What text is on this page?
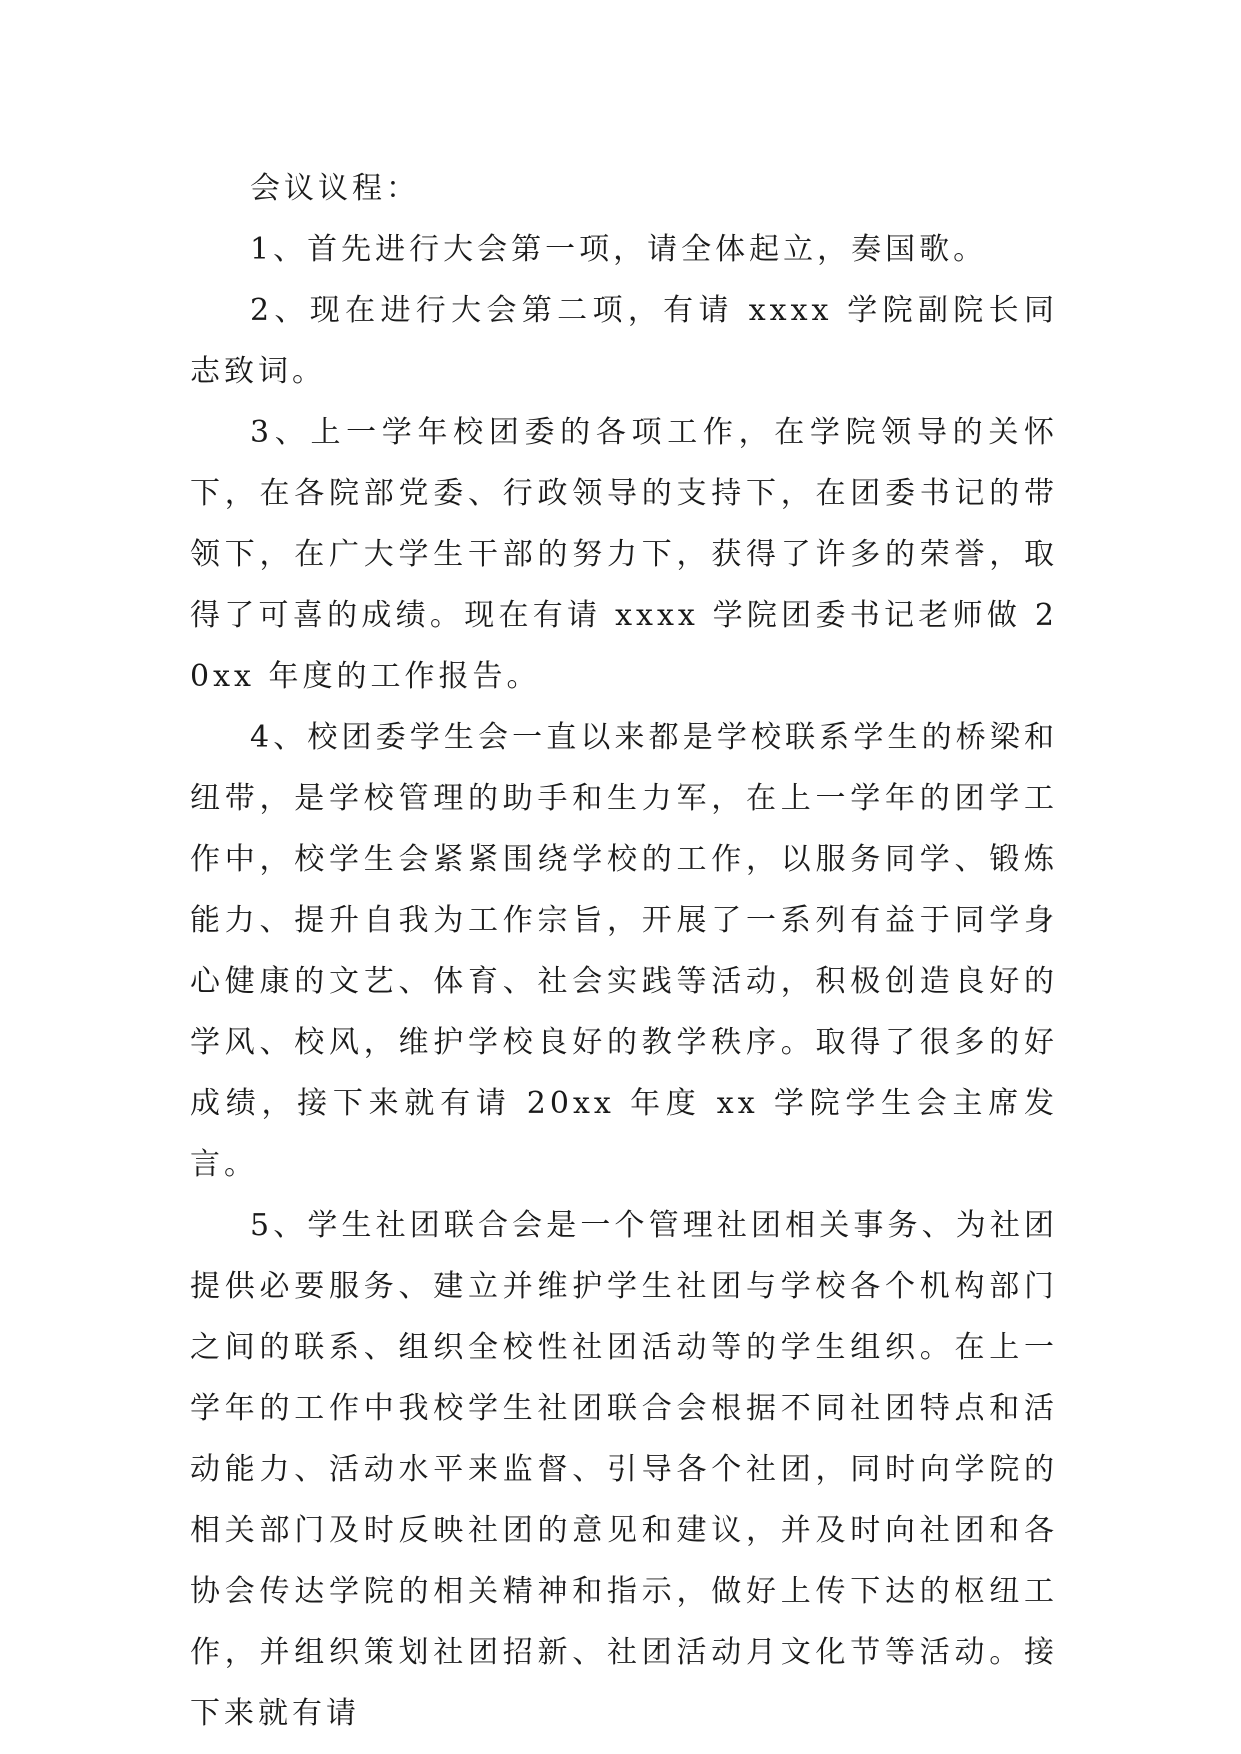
会议议程：

1、首先进行大会第一项，请全体起立，奏国歌。

2、现在进行大会第二项，有请 xxxx 学院副院长同志致词。

3、上一学年校团委的各项工作，在学院领导的关怀下，在各院部党委、行政领导的支持下，在团委书记的带领下，在广大学生干部的努力下，获得了许多的荣誉，取得了可喜的成绩。现在有请 xxxx 学院团委书记老师做 20xx 年度的工作报告。

4、校团委学生会一直以来都是学校联系学生的桥梁和纽带，是学校管理的助手和生力军，在上一学年的团学工作中，校学生会紧紧围绕学校的工作，以服务同学、锻炼能力、提升自我为工作宗旨，开展了一系列有益于同学身心健康的文艺、体育、社会实践等活动，积极创造良好的学风、校风，维护学校良好的教学秩序。取得了很多的好成绩，接下来就有请 20xx 年度 xx 学院学生会主席发言。

5、学生社团联合会是一个管理社团相关事务、为社团提供必要服务、建立并维护学生社团与学校各个机构部门之间的联系、组织全校性社团活动等的学生组织。在上一学年的工作中我校学生社团联合会根据不同社团特点和活动能力、活动水平来监督、引导各个社团，同时向学院的相关部门及时反映社团的意见和建议，并及时向社团和各协会传达学院的相关精神和指示，做好上传下达的枢纽工作，并组织策划社团招新、社团活动月文化节等活动。接下来就有请
